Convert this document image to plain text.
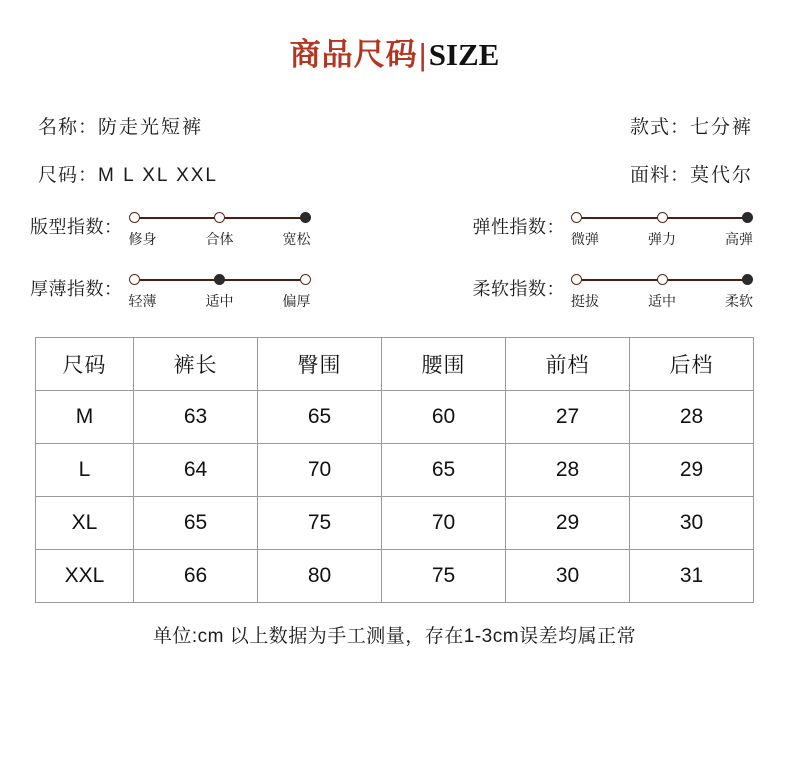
商品尺码|SIZE
名称：防走光短裤	款式：七分裤
尺码：M L XL XXL	面料：莫代尔
版型指数：
修身	合体	宽松
弹性指数：
微弹	弹力	高弹
厚薄指数：
轻薄	适中	偏厚
柔软指数：
挺拔	适中	柔软
尺码	裤长	臀围	腰围	前档	后档
M	63	65	60	27	28
L	64	70	65	28	29
XL	65	75	70	29	30
XXL	66	80	75	30	31
单位:cm 以上数据为手工测量，存在1-3cm误差均属正常
